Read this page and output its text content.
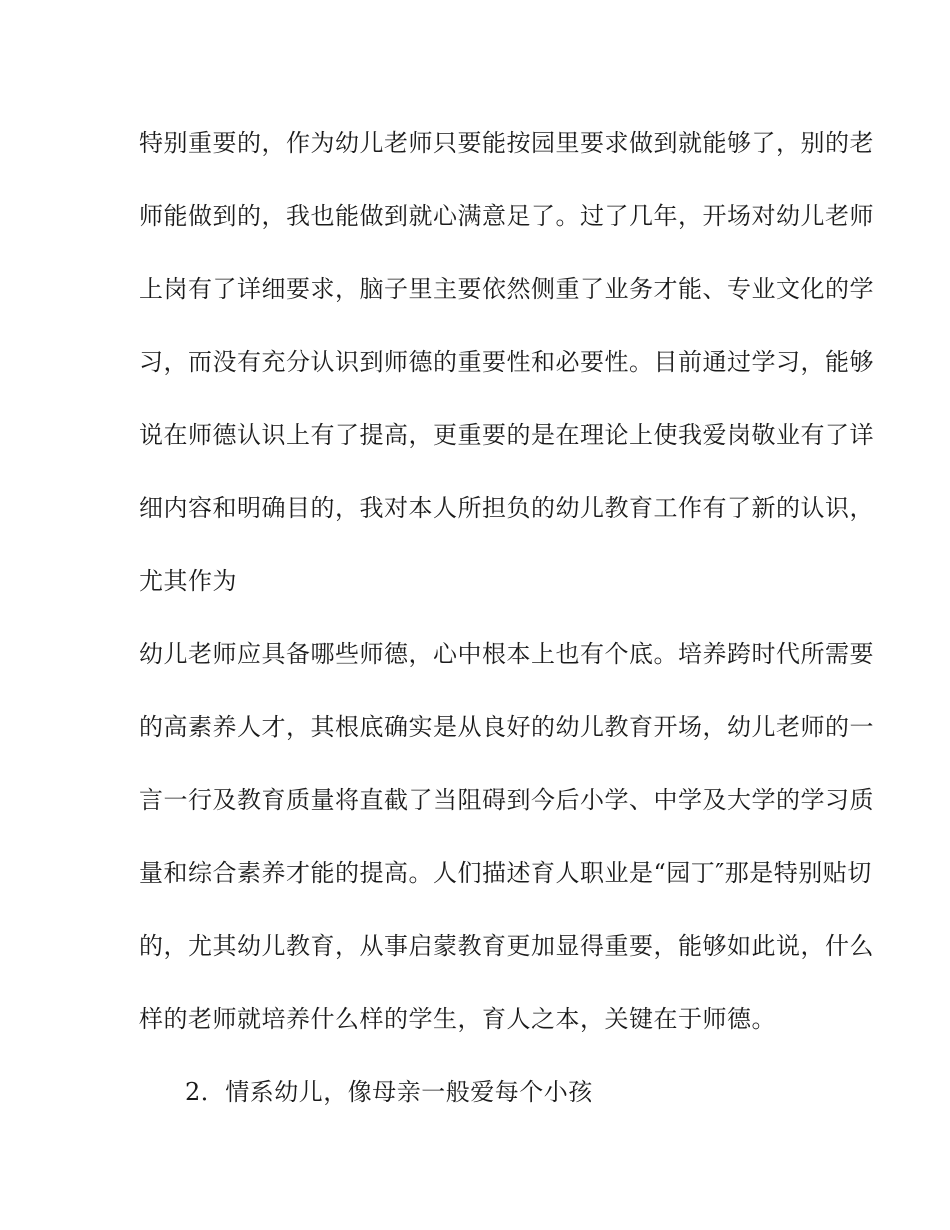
特别重要的，作为幼儿老师只要能按园里要求做到就能够了，别的老
师能做到的，我也能做到就心满意足了。过了几年，开场对幼儿老师
上岗有了详细要求，脑子里主要依然侧重了业务才能、专业文化的学
习，而没有充分认识到师德的重要性和必要性。目前通过学习，能够
说在师德认识上有了提高，更重要的是在理论上使我爱岗敬业有了详
细内容和明确目的，我对本人所担负的幼儿教育工作有了新的认识，
尤其作为
幼儿老师应具备哪些师德，心中根本上也有个底。培养跨时代所需要
的高素养人才，其根底确实是从良好的幼儿教育开场，幼儿老师的一
言一行及教育质量将直截了当阻碍到今后小学、中学及大学的学习质
量和综合素养才能的提高。人们描述育人职业是“园丁″那是特别贴切
的，尤其幼儿教育，从事启蒙教育更加显得重要，能够如此说，什么
样的老师就培养什么样的学生，育人之本，关键在于师德。
2．情系幼儿，像母亲一般爱每个小孩
